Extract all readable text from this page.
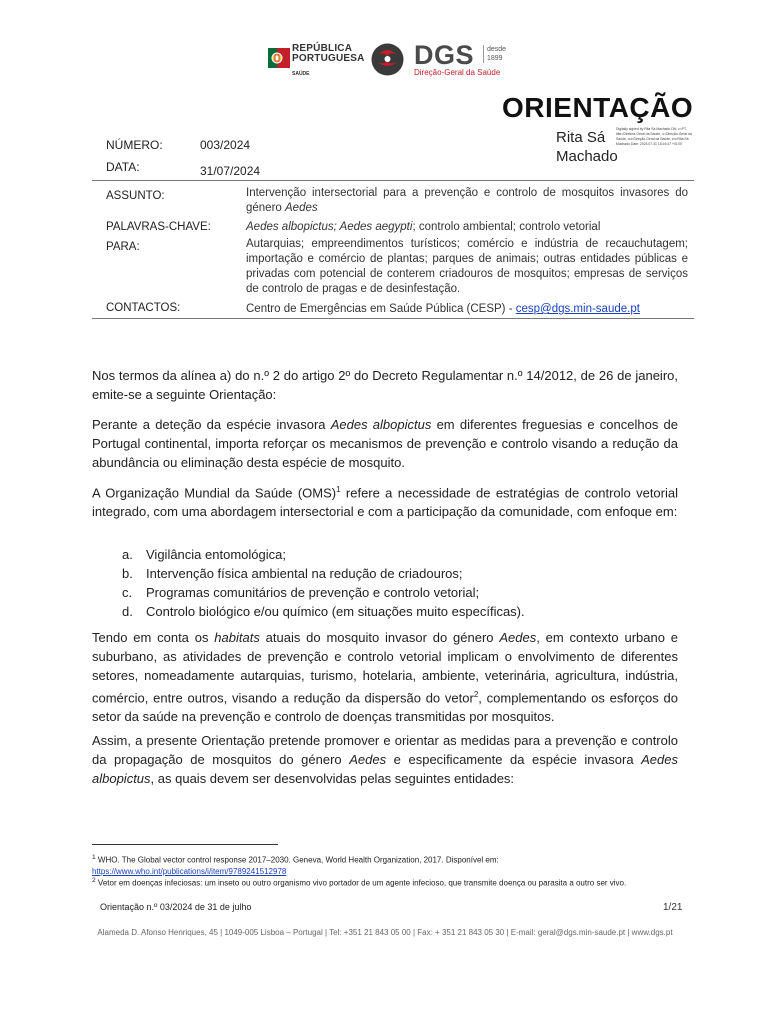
REPÚBLICA
PORTUGUESA
SAÚDE
DGS desde
1899
Direção-Geral da Saúde
ORIENTAÇÃO
Rita Sá
Machado
Digitally signed by Rita Sá Machado DN: c=PT, title=Diretora-Geral da Saúde, o=Direção-Geral da Saúde, ou=Direção-Geral da Saúde, cn=Rita Sá Machado Date: 2024.07.31 18:16:47 +01'00'
NÚMERO:	003/2024
DATA:	31/07/2024
ASSUNTO:	Intervenção intersectorial para a prevenção e controlo de mosquitos invasores do género Aedes
PALAVRAS-CHAVE:	Aedes albopictus; Aedes aegypti; controlo ambiental; controlo vetorial
PARA:	Autarquias; empreendimentos turísticos; comércio e indústria de recauchutagem; importação e comércio de plantas; parques de animais; outras entidades públicas e privadas com potencial de conterem criadouros de mosquitos; empresas de serviços de controlo de pragas e de desinfestação.
CONTACTOS:	Centro de Emergências em Saúde Pública (CESP) - cesp@dgs.min-saude.pt
Nos termos da alínea a) do n.º 2 do artigo 2º do Decreto Regulamentar n.º 14/2012, de 26 de janeiro, emite-se a seguinte Orientação:
Perante a deteção da espécie invasora Aedes albopictus em diferentes freguesias e concelhos de Portugal continental, importa reforçar os mecanismos de prevenção e controlo visando a redução da abundância ou eliminação desta espécie de mosquito.
A Organização Mundial da Saúde (OMS)$^1$ refere a necessidade de estratégias de controlo vetorial integrado, com uma abordagem intersectorial e com a participação da comunidade, com enfoque em:
a. Vigilância entomológica;
b. Intervenção física ambiental na redução de criadouros;
c. Programas comunitários de prevenção e controlo vetorial;
d. Controlo biológico e/ou químico (em situações muito específicas).
Tendo em conta os habitats atuais do mosquito invasor do género Aedes, em contexto urbano e suburbano, as atividades de prevenção e controlo vetorial implicam o envolvimento de diferentes setores, nomeadamente autarquias, turismo, hotelaria, ambiente, veterinária, agricultura, indústria, comércio, entre outros, visando a redução da dispersão do vetor$^2$, complementando os esforços do setor da saúde na prevenção e controlo de doenças transmitidas por mosquitos.
Assim, a presente Orientação pretende promover e orientar as medidas para a prevenção e controlo da propagação de mosquitos do género Aedes e especificamente da espécie invasora Aedes albopictus, as quais devem ser desenvolvidas pelas seguintes entidades:
$^1$ WHO. The Global vector control response 2017–2030. Geneva, World Health Organization, 2017. Disponível em:
https://www.who.int/publications/i/item/9789241512978
$^2$ Vetor em doenças infeciosas: um inseto ou outro organismo vivo portador de um agente infecioso, que transmite doença ou parasita a outro ser vivo.
Orientação n.º 03/2024 de 31 de julho	1/21
Alameda D. Afonso Henriques, 45 | 1049-005 Lisboa – Portugal | Tel: +351 21 843 05 00 | Fax: + 351 21 843 05 30 | E-mail: geral@dgs.min-saude.pt | www.dgs.pt
